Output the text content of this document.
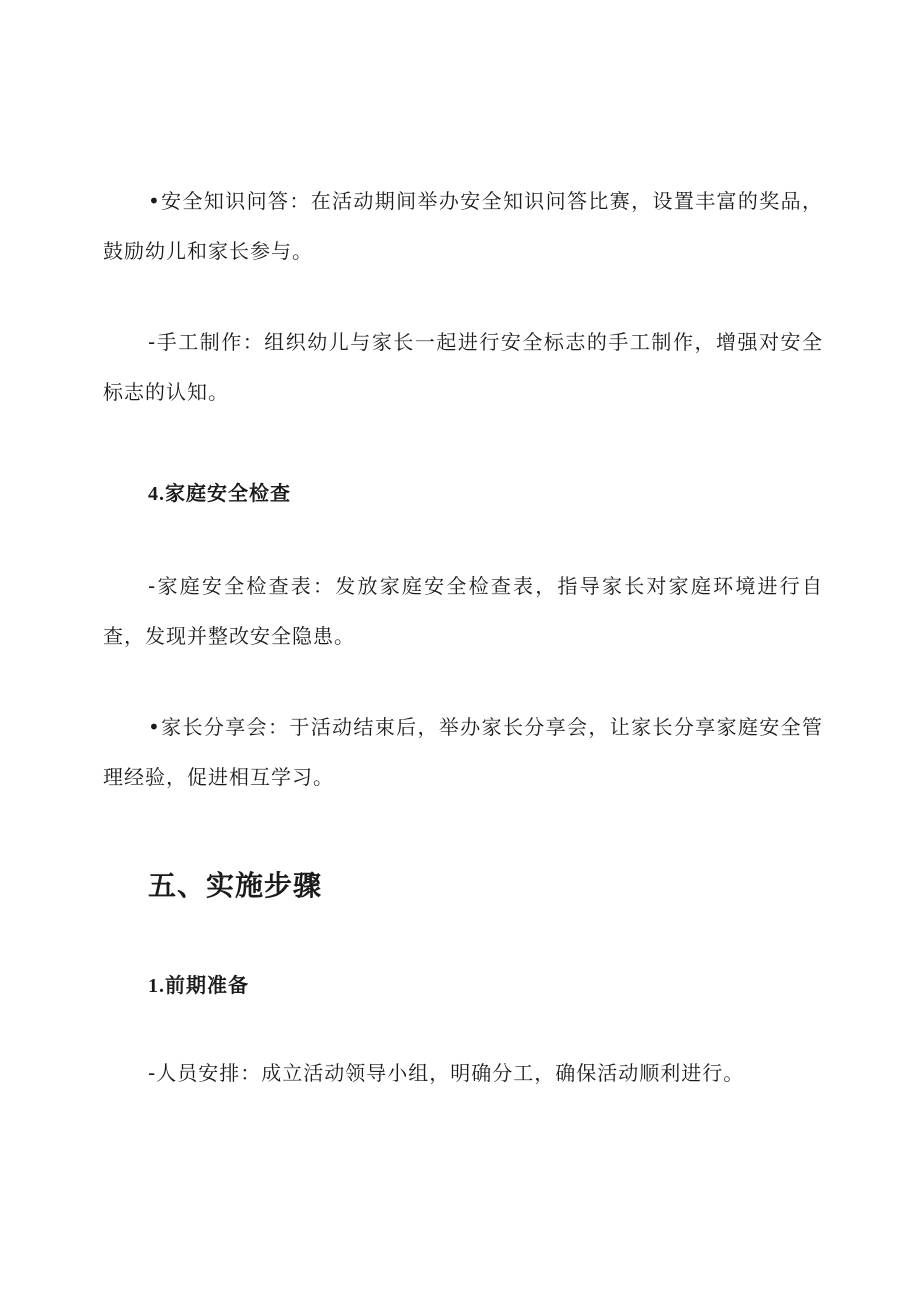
•安全知识问答：在活动期间举办安全知识问答比赛，设置丰富的奖品，鼓励幼儿和家长参与。

-手工制作：组织幼儿与家长一起进行安全标志的手工制作，增强对安全标志的认知。

4.家庭安全检查

-家庭安全检查表：发放家庭安全检查表，指导家长对家庭环境进行自查，发现并整改安全隐患。

•家长分享会：于活动结束后，举办家长分享会，让家长分享家庭安全管理经验，促进相互学习。

五、实施步骤
1.前期准备

-人员安排：成立活动领导小组，明确分工，确保活动顺利进行。
